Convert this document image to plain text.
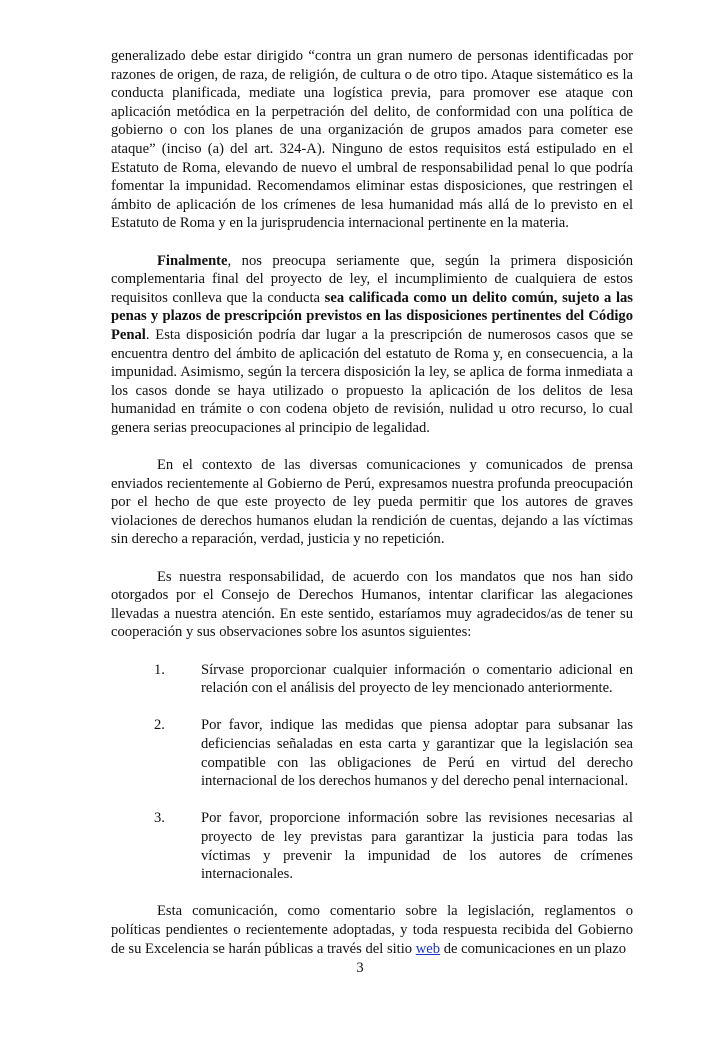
generalizado debe estar dirigido “contra un gran numero de personas identificadas por razones de origen, de raza, de religión, de cultura o de otro tipo. Ataque sistemático es la conducta planificada, mediate una logística previa, para promover ese ataque con aplicación metódica en la perpetración del delito, de conformidad con una política de gobierno o con los planes de una organización de grupos amados para cometer ese ataque” (inciso (a) del art. 324-A). Ninguno de estos requisitos está estipulado en el Estatuto de Roma, elevando de nuevo el umbral de responsabilidad penal lo que podría fomentar la impunidad. Recomendamos eliminar estas disposiciones, que restringen el ámbito de aplicación de los crímenes de lesa humanidad más allá de lo previsto en el Estatuto de Roma y en la jurisprudencia internacional pertinente en la materia.

Finalmente, nos preocupa seriamente que, según la primera disposición complementaria final del proyecto de ley, el incumplimiento de cualquiera de estos requisitos conlleva que la conducta sea calificada como un delito común, sujeto a las penas y plazos de prescripción previstos en las disposiciones pertinentes del Código Penal. Esta disposición podría dar lugar a la prescripción de numerosos casos que se encuentra dentro del ámbito de aplicación del estatuto de Roma y, en consecuencia, a la impunidad. Asimismo, según la tercera disposición la ley, se aplica de forma inmediata a los casos donde se haya utilizado o propuesto la aplicación de los delitos de lesa humanidad en trámite o con codena objeto de revisión, nulidad u otro recurso, lo cual genera serias preocupaciones al principio de legalidad.

En el contexto de las diversas comunicaciones y comunicados de prensa enviados recientemente al Gobierno de Perú, expresamos nuestra profunda preocupación por el hecho de que este proyecto de ley pueda permitir que los autores de graves violaciones de derechos humanos eludan la rendición de cuentas, dejando a las víctimas sin derecho a reparación, verdad, justicia y no repetición.

Es nuestra responsabilidad, de acuerdo con los mandatos que nos han sido otorgados por el Consejo de Derechos Humanos, intentar clarificar las alegaciones llevadas a nuestra atención. En este sentido, estaríamos muy agradecidos/as de tener su cooperación y sus observaciones sobre los asuntos siguientes:

1.	Sírvase proporcionar cualquier información o comentario adicional en relación con el análisis del proyecto de ley mencionado anteriormente.
2.	Por favor, indique las medidas que piensa adoptar para subsanar las deficiencias señaladas en esta carta y garantizar que la legislación sea compatible con las obligaciones de Perú en virtud del derecho internacional de los derechos humanos y del derecho penal internacional.
3.	Por favor, proporcione información sobre las revisiones necesarias al proyecto de ley previstas para garantizar la justicia para todas las víctimas y prevenir la impunidad de los autores de crímenes internacionales.

Esta comunicación, como comentario sobre la legislación, reglamentos o políticas pendientes o recientemente adoptadas, y toda respuesta recibida del Gobierno de su Excelencia se harán públicas a través del sitio web de comunicaciones en un plazo

3
